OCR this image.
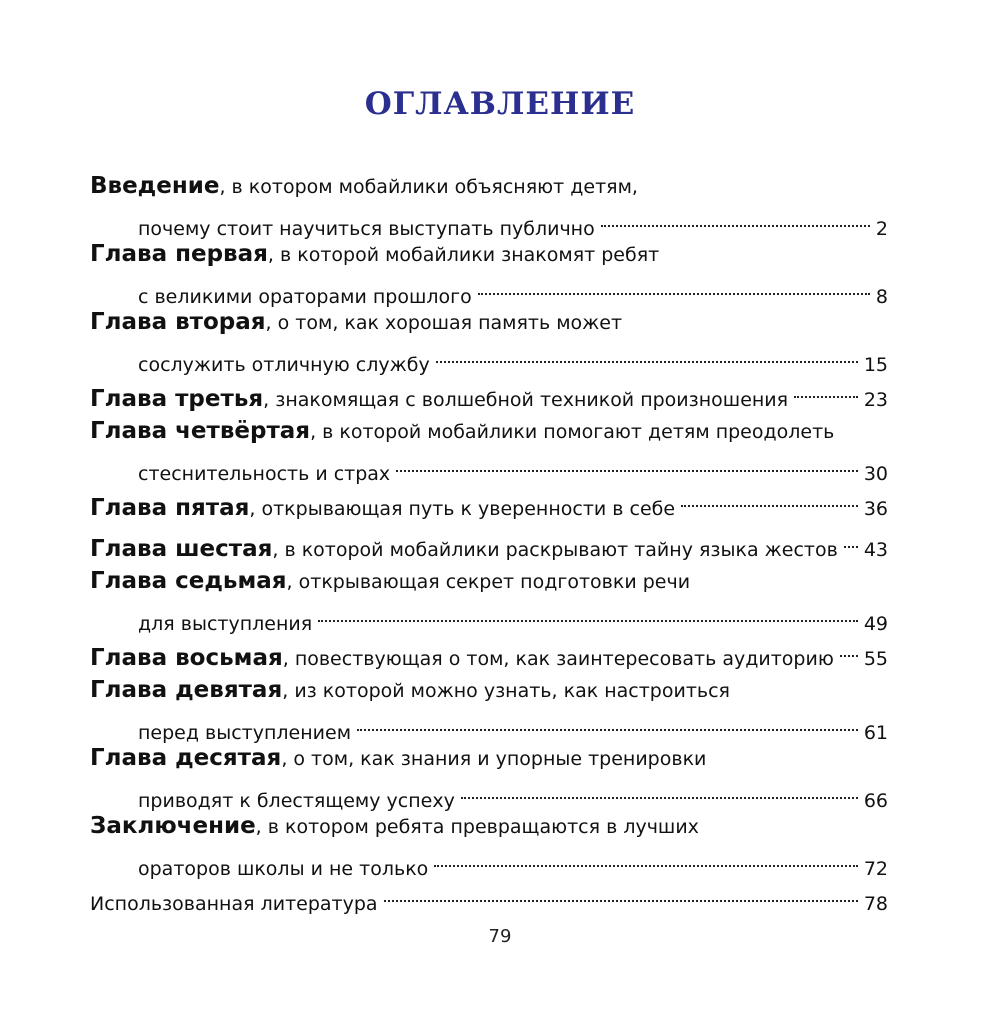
ОГЛАВЛЕНИЕ
Введение, в котором мобайлики объясняют детям,
почему стоит научиться выступать публично	2
Глава первая, в которой мобайлики знакомят ребят
с великими ораторами прошлого	8
Глава вторая, о том, как хорошая память может
сослужить отличную службу	15
Глава третья , знакомящая с волшебной техникой произношения	23
Глава четвёртая, в которой мобайлики помогают детям преодолеть
стеснительность и страх	30
Глава пятая , открывающая путь к уверенности в себе	36
Глава шестая , в которой мобайлики раскрывают тайну языка жестов 43
Глава седьмая, открывающая секрет подготовки речи
для выступления	49
Глава восьмая , повествующая о том, как заинтересовать аудиторию 55
Глава девятая, из которой можно узнать, как настроиться
перед выступлением	61
Глава десятая, о том, как знания и упорные тренировки
приводят к блестящему успеху	66
Заключение, в котором ребята превращаются в лучших
ораторов школы и не только	72
Использованная литература	78
79
